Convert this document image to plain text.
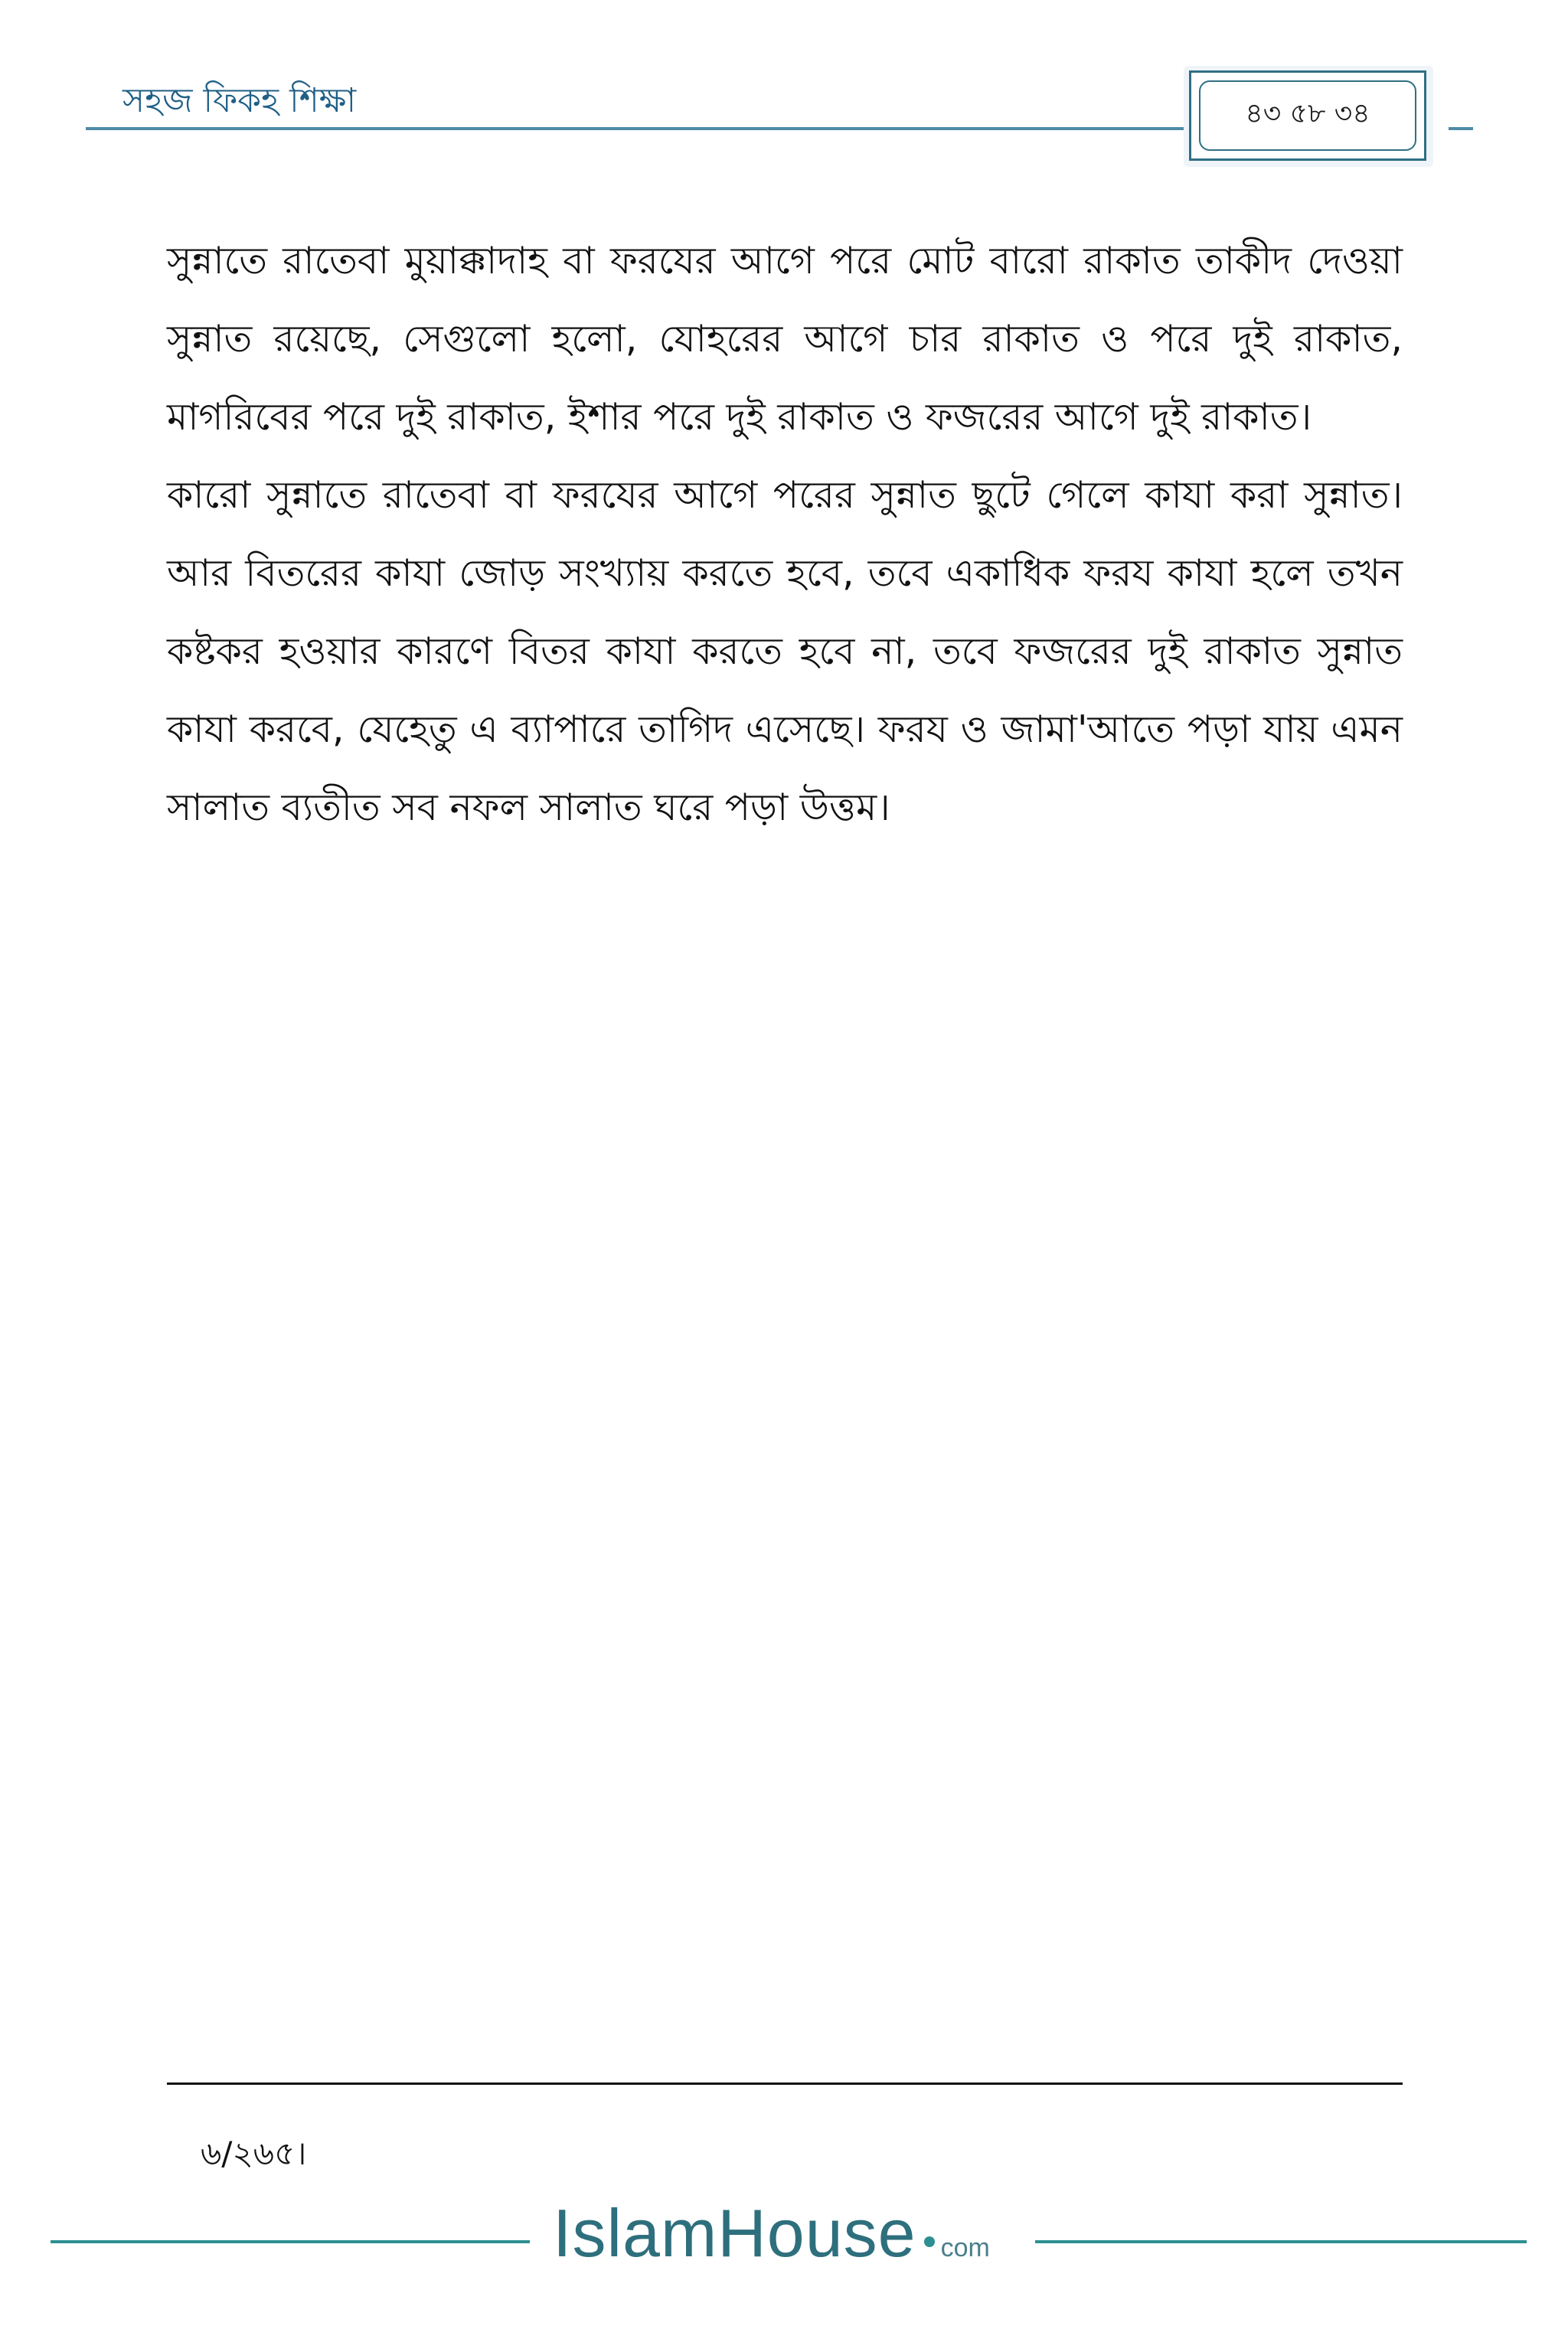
সহজ ফিকহ শিক্ষা	৪৩ ৫৮ ৩৪

সুন্নাতে রাতেবা মুয়াক্কাদাহ বা ফরযের আগে পরে মোট বারো রাকাত তাকীদ দেওয়া সুন্নাত রয়েছে, সেগুলো হলো, যোহরের আগে চার রাকাত ও পরে দুই রাকাত, মাগরিবের পরে দুই রাকাত, ইশার পরে দুই রাকাত ও ফজরের আগে দুই রাকাত।

কারো সুন্নাতে রাতেবা বা ফরযের আগে পরের সুন্নাত ছুটে গেলে কাযা করা সুন্নাত। আর বিতরের কাযা জোড় সংখ্যায় করতে হবে, তবে একাধিক ফরয কাযা হলে তখন কষ্টকর হওয়ার কারণে বিতর কাযা করতে হবে না, তবে ফজরের দুই রাকাত সুন্নাত কাযা করবে, যেহেতু এ ব্যাপারে তাগিদ এসেছে। ফরয ও জামা'আতে পড়া যায় এমন সালাত ব্যতীত সব নফল সালাত ঘরে পড়া উত্তম।

৬/২৬৫।
IslamHouse com
